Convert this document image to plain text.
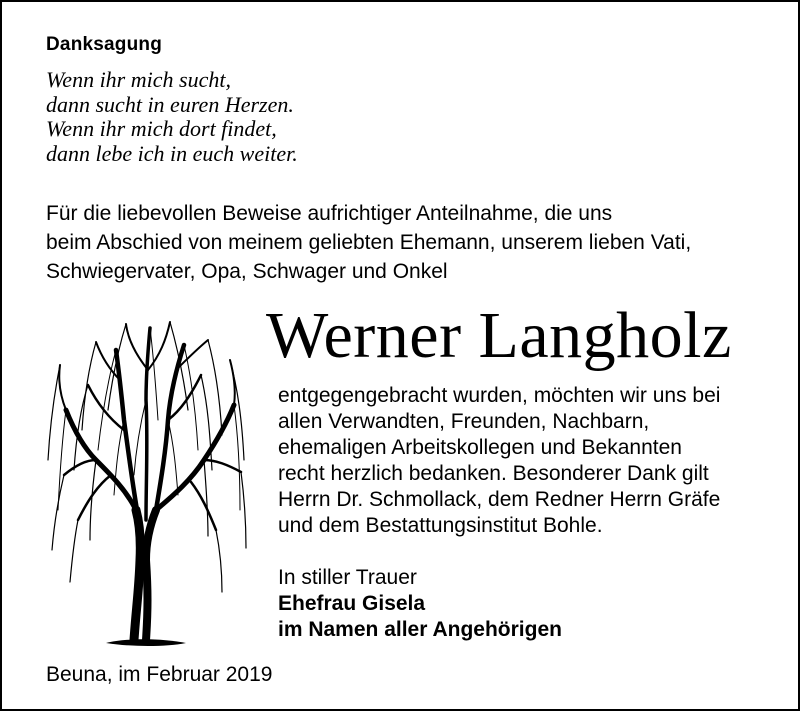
Danksagung
Wenn ihr mich sucht,
dann sucht in euren Herzen.
Wenn ihr mich dort findet,
dann lebe ich in euch weiter.
Für die liebevollen Beweise aufrichtiger Anteilnahme, die uns
beim Abschied von meinem geliebten Ehemann, unserem lieben Vati,
Schwiegervater, Opa, Schwager und Onkel
Werner Langholz
entgegengebracht wurden, möchten wir uns bei
allen Verwandten, Freunden, Nachbarn,
ehemaligen Arbeitskollegen und Bekannten
recht herzlich bedanken. Besonderer Dank gilt
Herrn Dr. Schmollack, dem Redner Herrn Gräfe
und dem Bestattungsinstitut Bohle.
In stiller Trauer
Ehefrau Gisela
im Namen aller Angehörigen
Beuna, im Februar 2019
